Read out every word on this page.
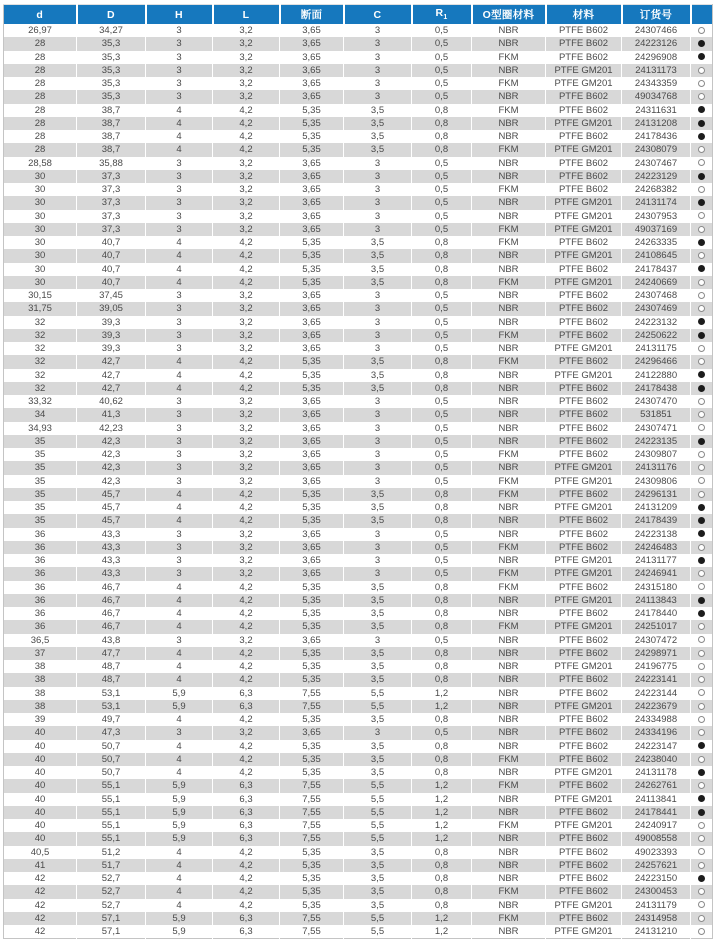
d	D	H	L	断面	C	$R_1$	O型圈材料	材料	订货号	
26,97	34,27	3	3,2	3,65	3	0,5	NBR	PTFE B602	24307466	
28	35,3	3	3,2	3,65	3	0,5	NBR	PTFE B602	24223126	
28	35,3	3	3,2	3,65	3	0,5	FKM	PTFE B602	24296908	
28	35,3	3	3,2	3,65	3	0,5	NBR	PTFE GM201	24131173	
28	35,3	3	3,2	3,65	3	0,5	FKM	PTFE GM201	24343359	
28	35,3	3	3,2	3,65	3	0,5	NBR	PTFE B602	49034768	
28	38,7	4	4,2	5,35	3,5	0,8	FKM	PTFE B602	24311631	
28	38,7	4	4,2	5,35	3,5	0,8	NBR	PTFE GM201	24131208	
28	38,7	4	4,2	5,35	3,5	0,8	NBR	PTFE B602	24178436	
28	38,7	4	4,2	5,35	3,5	0,8	FKM	PTFE GM201	24308079	
28,58	35,88	3	3,2	3,65	3	0,5	NBR	PTFE B602	24307467	
30	37,3	3	3,2	3,65	3	0,5	NBR	PTFE B602	24223129	
30	37,3	3	3,2	3,65	3	0,5	FKM	PTFE B602	24268382	
30	37,3	3	3,2	3,65	3	0,5	NBR	PTFE GM201	24131174	
30	37,3	3	3,2	3,65	3	0,5	NBR	PTFE GM201	24307953	
30	37,3	3	3,2	3,65	3	0,5	FKM	PTFE GM201	49037169	
30	40,7	4	4,2	5,35	3,5	0,8	FKM	PTFE B602	24263335	
30	40,7	4	4,2	5,35	3,5	0,8	NBR	PTFE GM201	24108645	
30	40,7	4	4,2	5,35	3,5	0,8	NBR	PTFE B602	24178437	
30	40,7	4	4,2	5,35	3,5	0,8	FKM	PTFE GM201	24240669	
30,15	37,45	3	3,2	3,65	3	0,5	NBR	PTFE B602	24307468	
31,75	39,05	3	3,2	3,65	3	0,5	NBR	PTFE B602	24307469	
32	39,3	3	3,2	3,65	3	0,5	NBR	PTFE B602	24223132	
32	39,3	3	3,2	3,65	3	0,5	FKM	PTFE B602	24250622	
32	39,3	3	3,2	3,65	3	0,5	NBR	PTFE GM201	24131175	
32	42,7	4	4,2	5,35	3,5	0,8	FKM	PTFE B602	24296466	
32	42,7	4	4,2	5,35	3,5	0,8	NBR	PTFE GM201	24122880	
32	42,7	4	4,2	5,35	3,5	0,8	NBR	PTFE B602	24178438	
33,32	40,62	3	3,2	3,65	3	0,5	NBR	PTFE B602	24307470	
34	41,3	3	3,2	3,65	3	0,5	NBR	PTFE B602	531851	
34,93	42,23	3	3,2	3,65	3	0,5	NBR	PTFE B602	24307471	
35	42,3	3	3,2	3,65	3	0,5	NBR	PTFE B602	24223135	
35	42,3	3	3,2	3,65	3	0,5	FKM	PTFE B602	24309807	
35	42,3	3	3,2	3,65	3	0,5	NBR	PTFE GM201	24131176	
35	42,3	3	3,2	3,65	3	0,5	FKM	PTFE GM201	24309806	
35	45,7	4	4,2	5,35	3,5	0,8	FKM	PTFE B602	24296131	
35	45,7	4	4,2	5,35	3,5	0,8	NBR	PTFE GM201	24131209	
35	45,7	4	4,2	5,35	3,5	0,8	NBR	PTFE B602	24178439	
36	43,3	3	3,2	3,65	3	0,5	NBR	PTFE B602	24223138	
36	43,3	3	3,2	3,65	3	0,5	FKM	PTFE B602	24246483	
36	43,3	3	3,2	3,65	3	0,5	NBR	PTFE GM201	24131177	
36	43,3	3	3,2	3,65	3	0,5	FKM	PTFE GM201	24246941	
36	46,7	4	4,2	5,35	3,5	0,8	FKM	PTFE B602	24315180	
36	46,7	4	4,2	5,35	3,5	0,8	NBR	PTFE GM201	24113843	
36	46,7	4	4,2	5,35	3,5	0,8	NBR	PTFE B602	24178440	
36	46,7	4	4,2	5,35	3,5	0,8	FKM	PTFE GM201	24251017	
36,5	43,8	3	3,2	3,65	3	0,5	NBR	PTFE B602	24307472	
37	47,7	4	4,2	5,35	3,5	0,8	NBR	PTFE B602	24298971	
38	48,7	4	4,2	5,35	3,5	0,8	NBR	PTFE GM201	24196775	
38	48,7	4	4,2	5,35	3,5	0,8	NBR	PTFE B602	24223141	
38	53,1	5,9	6,3	7,55	5,5	1,2	NBR	PTFE B602	24223144	
38	53,1	5,9	6,3	7,55	5,5	1,2	NBR	PTFE GM201	24223679	
39	49,7	4	4,2	5,35	3,5	0,8	NBR	PTFE B602	24334988	
40	47,3	3	3,2	3,65	3	0,5	NBR	PTFE B602	24334196	
40	50,7	4	4,2	5,35	3,5	0,8	NBR	PTFE B602	24223147	
40	50,7	4	4,2	5,35	3,5	0,8	FKM	PTFE B602	24238040	
40	50,7	4	4,2	5,35	3,5	0,8	NBR	PTFE GM201	24131178	
40	55,1	5,9	6,3	7,55	5,5	1,2	FKM	PTFE B602	24262761	
40	55,1	5,9	6,3	7,55	5,5	1,2	NBR	PTFE GM201	24113841	
40	55,1	5,9	6,3	7,55	5,5	1,2	NBR	PTFE B602	24178441	
40	55,1	5,9	6,3	7,55	5,5	1,2	FKM	PTFE GM201	24240917	
40	55,1	5,9	6,3	7,55	5,5	1,2	NBR	PTFE B602	49008558	
40,5	51,2	4	4,2	5,35	3,5	0,8	NBR	PTFE B602	49023393	
41	51,7	4	4,2	5,35	3,5	0,8	NBR	PTFE B602	24257621	
42	52,7	4	4,2	5,35	3,5	0,8	NBR	PTFE B602	24223150	
42	52,7	4	4,2	5,35	3,5	0,8	FKM	PTFE B602	24300453	
42	52,7	4	4,2	5,35	3,5	0,8	NBR	PTFE GM201	24131179	
42	57,1	5,9	6,3	7,55	5,5	1,2	FKM	PTFE B602	24314958	
42	57,1	5,9	6,3	7,55	5,5	1,2	NBR	PTFE GM201	24131210	
